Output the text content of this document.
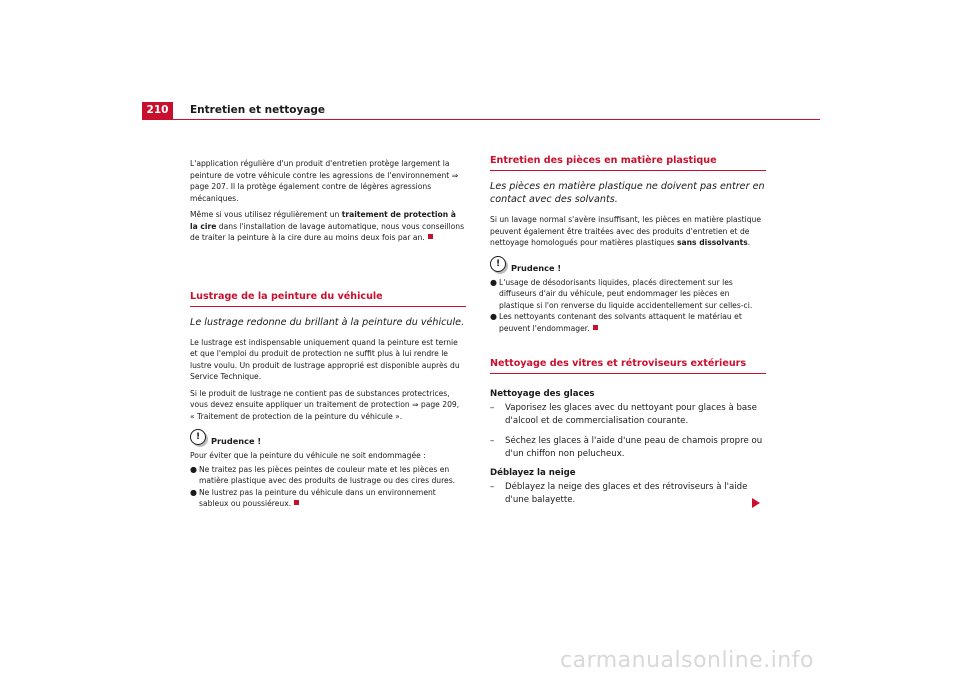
210	Entretien et nettoyage

L'application régulière d'un produit d'entretien protège largement la peinture de votre véhicule contre les agressions de l'environnement ⇒ page 207. Il la protège également contre de légères agressions mécaniques.

Même si vous utilisez régulièrement un traitement de protection à la cire dans l'installation de lavage automatique, nous vous conseillons de traiter la peinture à la cire dure au moins deux fois par an.

Lustrage de la peinture du véhicule
Le lustrage redonne du brillant à la peinture du véhicule.

Le lustrage est indispensable uniquement quand la peinture est ternie et que l'emploi du produit de protection ne suffit plus à lui rendre le lustre voulu. Un produit de lustrage approprié est disponible auprès du Service Technique.

Si le produit de lustrage ne contient pas de substances protectrices, vous devez ensuite appliquer un traitement de protection ⇒ page 209, « Traitement de protection de la peinture du véhicule ».

!	Prudence !

Pour éviter que la peinture du véhicule ne soit endommagée :

● Ne traitez pas les pièces peintes de couleur mate et les pièces en matière plastique avec des produits de lustrage ou des cires dures.
● Ne lustrez pas la peinture du véhicule dans un environnement sableux ou poussiéreux.
Entretien des pièces en matière plastique
Les pièces en matière plastique ne doivent pas entrer en contact avec des solvants.

Si un lavage normal s'avère insuffisant, les pièces en matière plastique peuvent également être traitées avec des produits d'entretien et de nettoyage homologués pour matières plastiques sans dissolvants.

!	Prudence !
● L'usage de désodorisants liquides, placés directement sur les diffuseurs d'air du véhicule, peut endommager les pièces en plastique si l'on renverse du liquide accidentellement sur celles-ci.
● Les nettoyants contenant des solvants attaquent le matériau et peuvent l'endommager.
Nettoyage des vitres et rétroviseurs extérieurs
Nettoyage des glaces
–	Vaporisez les glaces avec du nettoyant pour glaces à base d'alcool et de commercialisation courante.
–	Séchez les glaces à l'aide d'une peau de chamois propre ou d'un chiffon non pelucheux.
Déblayez la neige
–	Déblayez la neige des glaces et des rétroviseurs à l'aide d'une balayette.
carmanualsonline.info
